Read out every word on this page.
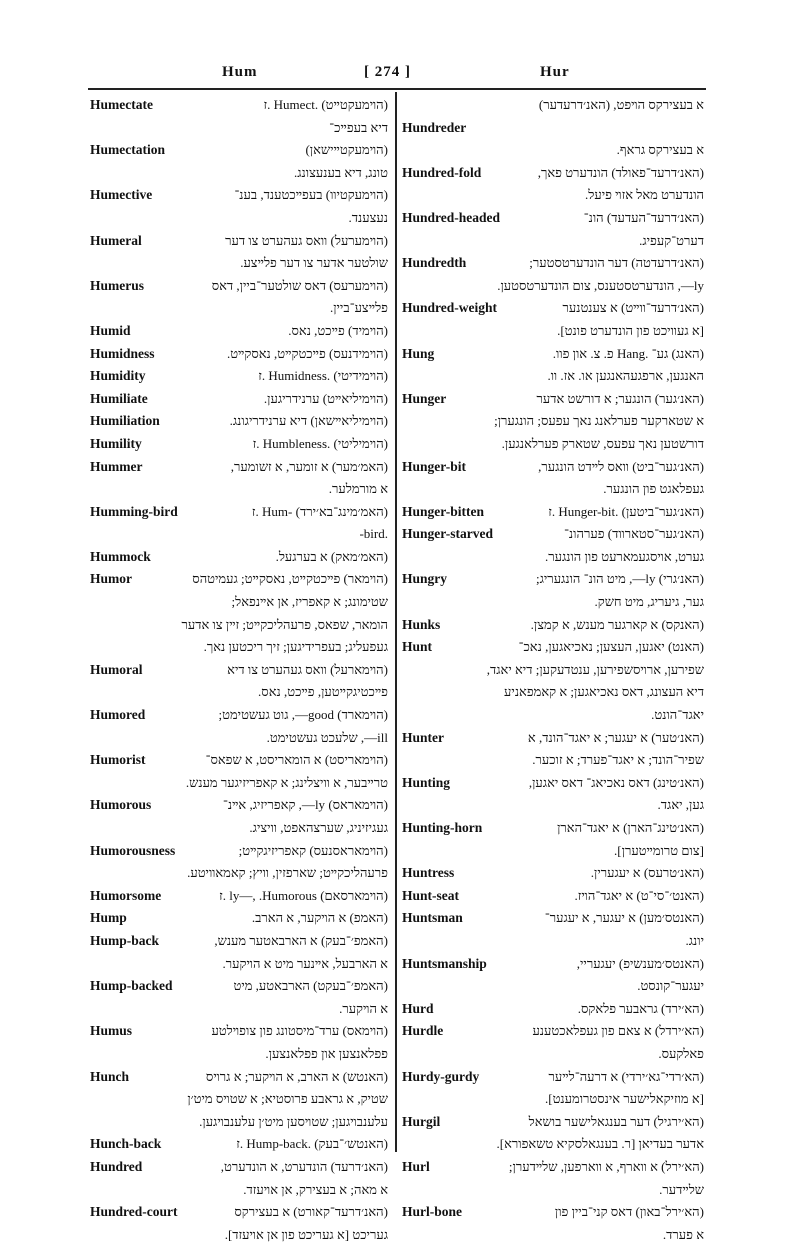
Hum	[ 274 ]	Hur
Humectate	(הױמעקטײט) .Humect .ז
דיא בעפײכ־
Humectation	(הױמעקטײישאן)
טונג, דיא בענעצונג.
Humective	(הױמעקטיװ) בעפײכטענד, בענ־
נעצענד.
Humeral	(הױמערעל) װאס געהערט צו דער
שולטער אדער צו דער פלײצע.
Humerus	(הױמערעס) דאס שולטער־ביין, דאס
פלײצע־ביין.
Humid	(הױמיד) פײכט, נאס.
Humidness	(הױמידנעס) פײכטקײט, נאסקײט.
Humidity	(הױמידיטי) .Humidness .ז
Humiliate	(הױמיליאײט) ערנידריגען.
Humiliation	(הױמיליאײשאן) דיא ערנידריגונג.
Humility	(הױמיליטי) .Humbleness .ז
Hummer	(האמ׳מער) א זומער, א זשומער,
א מורמלער.
Humming-bird	(האמ׳מינג־בא׳ירד) -Hum .ז
.bird-
Hummock	(האמ׳מאק) א בערגעל.
Humor	(הױמאר) פײכטקײט, נאסקײט; געמיטהס
שטימונג; א קאפריז, אן אײנפאל;
הומאר, שפאס, פרעהליכקײט; זײן צו אדער
געפעליג; בעפרידיגען; זיך ריכטען נאך.
Humoral	(הױמארעל) װאס געהערט צו דיא
פײכטיגקײטען, פײכט, נאס.
Humored	(הױמארד) good—, גוט געשטימט;
ill—, שלעכט געשטימט.
Humorist	(הױמאריסט) א הומאריסט, א שפאס־
טרײבער, א װיצלינג; א קאפריזיגער מענש.
Humorous	(הױמאראס) ly—, קאפריזיג, אײנ־
געגיזיניג, שערצהאפט, װיציג.
Humorousness	(הױמאראסנעס) קאפריזיגקײט;
פרעהליכקײט; שארפזין, װיץ; קאמאװיטע.
Humorsome	(הױמארסאם) ly—, .Humorous .ז
Hump	(האמפ) א הױקער, א הארב.
Hump-back	(האמפ׳־בעק) א הארבאטער מענש,
א הארבעל, אײנער מיט א הױקער.
Hump-backed	(האמפ׳־בעקט) הארבאטע, מיט
א הױקער.
Humus	(הױמאס) ערד־מיסטונג פון צופױלטע
פפלאנצען און פפלאנצען.
Hunch	(האנטש) א הארב, א הױקער; א גרױס
שטיק, א גראבע פרוסטיא; א שטױס מיט׳ן
עלענבױגען; שטױסען מיט׳ן עלענבױגען.
Hunch-back	(האנטש׳־בעק) .Hump-back .ז
Hundred	(האנ׳דרעד) הונדערט, א הונדערט,
א מאה; א בעצירק, אן אױעזד.
Hundred-court	(האנ׳דרעד־קאורט) א בעצירקס
געריכט [א געריכט פון אן אױעזד].
א בעצירקס הױפט, (האנ׳דרעדער)
Hundreder
א בעצירקס גראף.
Hundred-fold	(האנ׳דרעד־פאולד) הונדערט פאך,
הונדערט מאל אזױ פיעל.
Hundred-headed	(האנ׳דרעד־העדעד) הונ־
דערט־קעפיג.
Hundredth	(האנ׳דרעדטה) דער הונדערטסטער;
ly—, הונדערטסטענס, צום הונדערטסטען.
Hundred-weight	(האנ׳דרעד־װײט) א צענטנער
[א געװיכט פון הונדערט פונט].
Hung	(האנג) גע־ .Hang פ. צ. און פוו.
האנגען, ארפגעהאנגען או. אז. װ.
Hunger	(האנ׳גער) הונגער; א דורשט אדער
א שטארקער פערלאנג נאך עפעס; הונגערן;
דורשטען נאך עפעס, שטארק פערלאנגען.
Hunger-bit	(האנ׳גער־ביט) װאס לײדט הונגער,
געפלאגט פון הונגער.
Hunger-bitten	(האנ׳גער־ביטען) .Hunger-bit .ז
Hunger-starved	(האנ׳גער־סטארװד) פערהונ־
גערט, אױסגעמארעט פון הונגער.
Hungry	(האנ׳גרי) ly—, מיט הונ־ הונגעריג;
גער, גיעריג, מיט חשק.
Hunks	(האנקס) א קארגער מענש, א קמצן.
Hunt	(האנט) יאגען, העצען; נאכיאגען, נאכ־
שפירען, ארױסשפירען, ענטדעקען; דיא יאגד,
דיא העצונג, דאס נאכיאגען; א קאמפאניע
יאגד־הונט.
Hunter	(האנ׳טער) א יעגער; א יאגד־הונד, א
שפיר־הונד; א יאגד־פערד; א זוכער.
Hunting	(האנ׳טינג) דאס נאכיאג־ דאס יאגען,
גען, יאגד.
Hunting-horn	(האנ׳טינג־הארן) א יאגד־הארן
[צום טרומײטערן].
Huntress	(האנ׳טרעס) א יעגערין.
Hunt-seat	(האנט׳־סי־ט) א יאגד־הױז.
Huntsman	(האנטס׳מען) א יעגער, א יעגער־
יונג.
Huntsmanship	(האנטס׳מענשיפ) יעגעריי,
יעגער־קונסט.
Hurd	(הא׳ירד) גראבער פלאקס.
Hurdle	(הא׳ירדל) א צאם פון געפלאכטענע
פאלקעס.
Hurdy-gurdy	(הא׳רדי־גא׳ירדי) א דרעה־לײער
[א מוזיקאלישער אינסטרומענט].
Hurgil	(הא׳ירגיל) דער בענגאלישער בושאל
אדער בעדיאן [ר. בענגאלסקיא טשאפורא].
Hurl	(הא׳ירל) א װארף, א װארפען, שלײדערן;
שלײדער.
Hurl-bone	(הא׳ירל־באון) דאס קני־ביין פון
א פערד.
